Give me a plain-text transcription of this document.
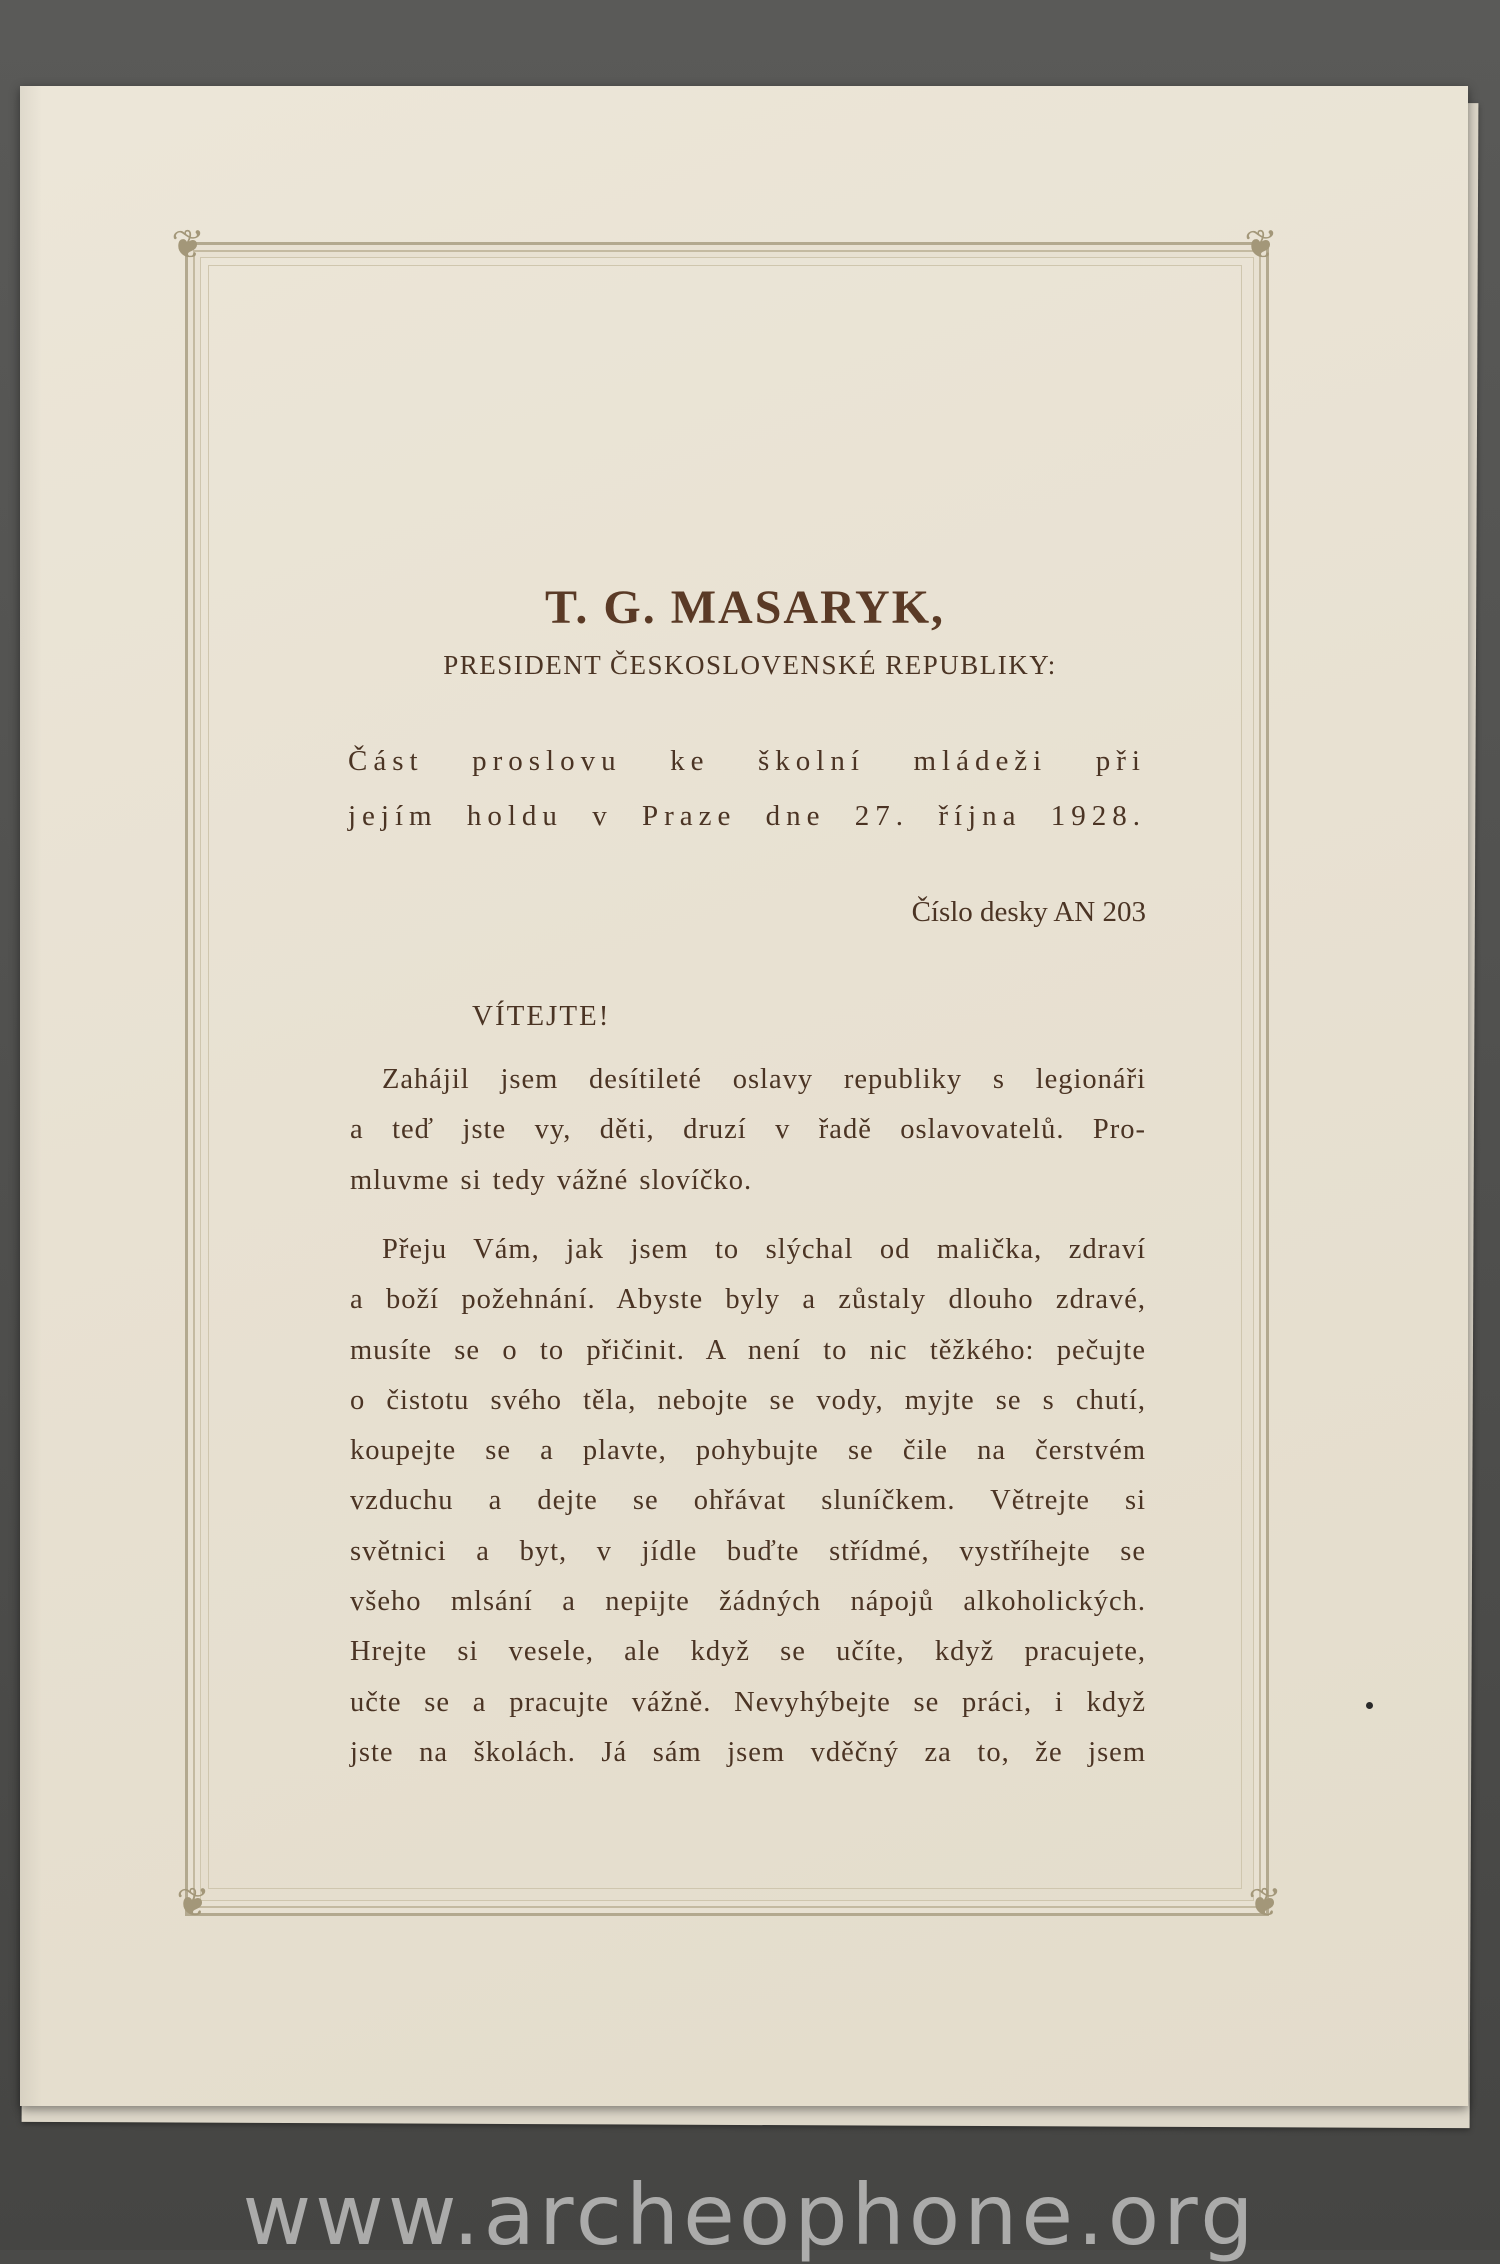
❦	❦
❦	❦
T. G. MASARYK,
PRESIDENT ČESKOSLOVENSKÉ REPUBLIKY:
Část proslovu ke školní mládeži při
jejím holdu v Praze dne 27. října 1928.
Číslo desky AN 203
VÍTEJTE!
Zahájil jsem desítileté oslavy republiky s legionáři
a teď jste vy, děti, druzí v řadě oslavovatelů. Pro-
mluvme si tedy vážné slovíčko.
Přeju Vám, jak jsem to slýchal od malička, zdraví
a boží požehnání. Abyste byly a zůstaly dlouho zdravé,
musíte se o to přičinit. A není to nic těžkého: pečujte
o čistotu svého těla, nebojte se vody, myjte se s chutí,
koupejte se a plavte, pohybujte se čile na čerstvém
vzduchu a dejte se ohřávat sluníčkem. Větrejte si
světnici a byt, v jídle buďte střídmé, vystříhejte se
všeho mlsání a nepijte žádných nápojů alkoholických.
Hrejte si vesele, ale když se učíte, když pracujete,
učte se a pracujte vážně. Nevyhýbejte se práci, i když
jste na školách. Já sám jsem vděčný za to, že jsem
www.archeophone.org
